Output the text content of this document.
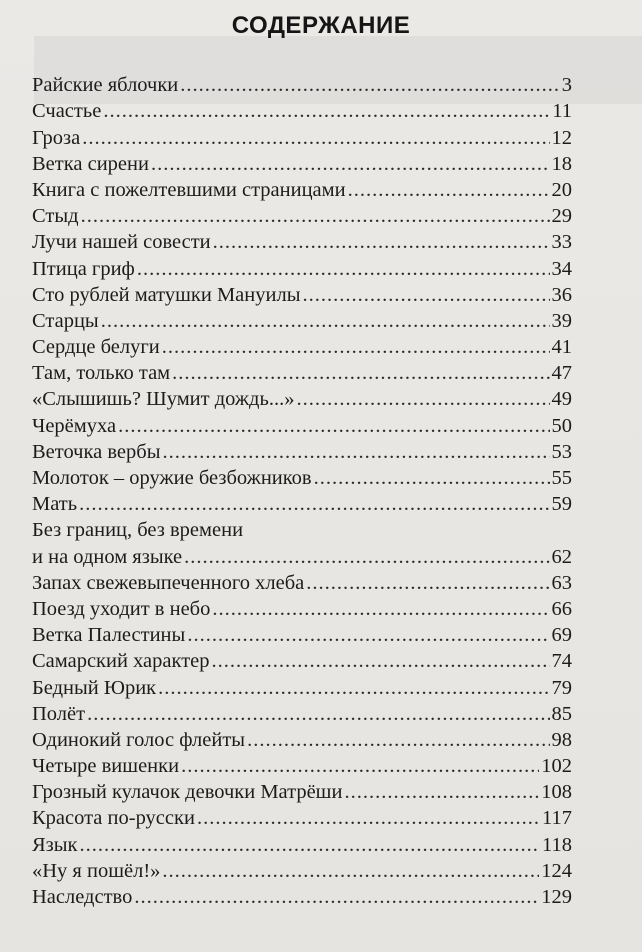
СОДЕРЖАНИЕ
Райские яблочки .....	3
Счастье .....	11
Гроза .....	12
Ветка сирени .....	18
Книга с пожелтевшими страницами .....	20
Стыд .....	29
Лучи нашей совести .....	33
Птица гриф .....	34
Сто рублей матушки Мануилы .....	36
Старцы .....	39
Сердце белуги .....	41
Там, только там .....	47
«Слышишь? Шумит дождь...» .....	49
Черёмуха .....	50
Веточка вербы .....	53
Молоток – оружие безбожников .....	55
Мать .....	59
Без границ, без времени
и на одном языке .....	62
Запах свежевыпеченного хлеба .....	63
Поезд уходит в небо .....	66
Ветка Палестины .....	69
Самарский характер .....	74
Бедный Юрик .....	79
Полёт .....	85
Одинокий голос флейты .....	98
Четыре вишенки .....	102
Грозный кулачок девочки Матрёши .....	108
Красота по-русски .....	117
Язык .....	118
«Ну я пошёл!» .....	124
Наследство .....	129
